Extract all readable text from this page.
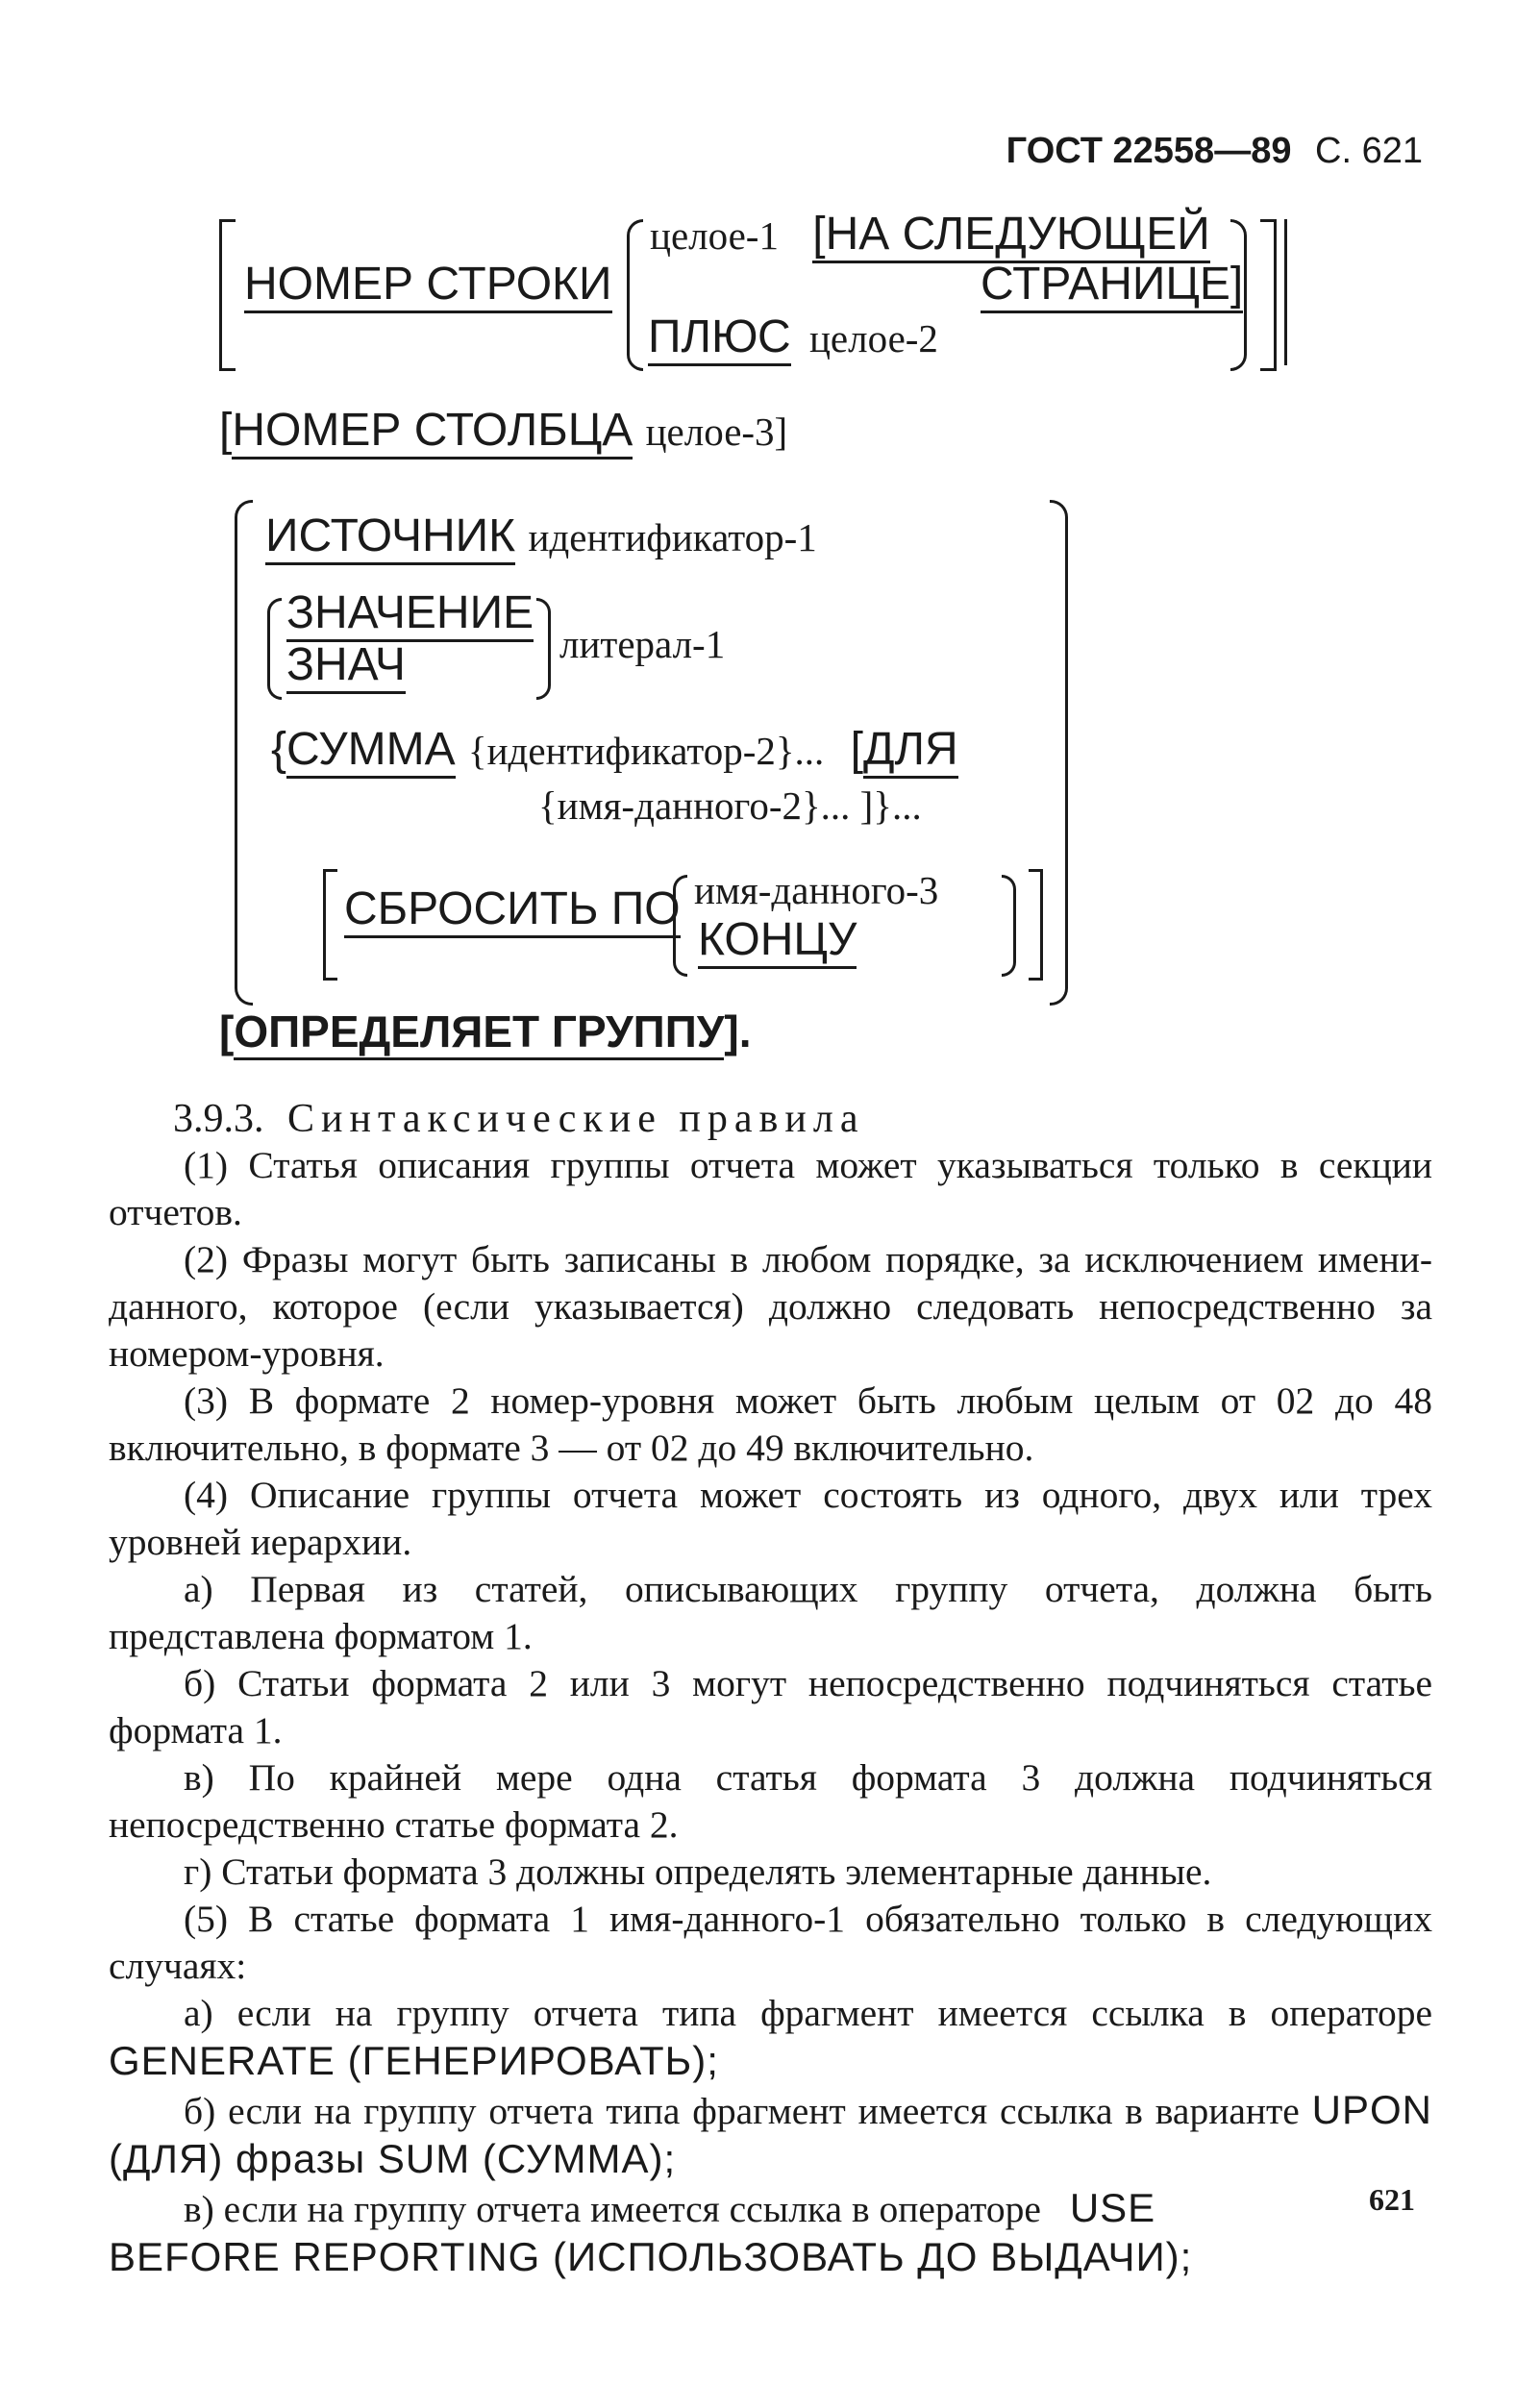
ГОСТ 22558—89 С. 621
НОМЕР СТРОКИ
целое-1 [НА СЛЕДУЮЩЕЙ
СТРАНИЦЕ]
ПЛЮС целое-2
[НОМЕР СТОЛБЦА целое-3]
ИСТОЧНИК идентификатор-1
ЗНАЧЕНИЕ
ЗНАЧ	литерал-1
{СУММА {идентификатор-2}... [ДЛЯ
{имя-данного-2}... ]}...
СБРОСИТЬ ПО имя-данного-3
КОНЦУ
[ОПРЕДЕЛЯЕТ ГРУППУ].
3.9.3. Синтаксические правила

(1) Статья описания группы отчета может указываться только в секции отчетов.

(2) Фразы могут быть записаны в любом порядке, за исключением имени-данного, которое (если указывается) должно следовать непосредственно за номером-уровня.

(3) В формате 2 номер-уровня может быть любым целым от 02 до 48 включительно, в формате 3 — от 02 до 49 включительно.

(4) Описание группы отчета может состоять из одного, двух или трех уровней иерархии.

а) Первая из статей, описывающих группу отчета, должна быть представлена форматом 1.

б) Статьи формата 2 или 3 могут непосредственно подчиняться статье формата 1.

в) По крайней мере одна статья формата 3 должна подчиняться непосредственно статье формата 2.

г) Статьи формата 3 должны определять элементарные данные.

(5) В статье формата 1 имя-данного-1 обязательно только в следующих случаях:

а) если на группу отчета типа фрагмент имеется ссылка в операторе GENERATE (ГЕНЕРИРОВАТЬ);

б) если на группу отчета типа фрагмент имеется ссылка в варианте UPON (ДЛЯ) фразы SUM (СУММА);

в) если на группу отчета имеется ссылка в операторе USE
BEFORE REPORTING (ИСПОЛЬЗОВАТЬ ДО ВЫДАЧИ);

621
